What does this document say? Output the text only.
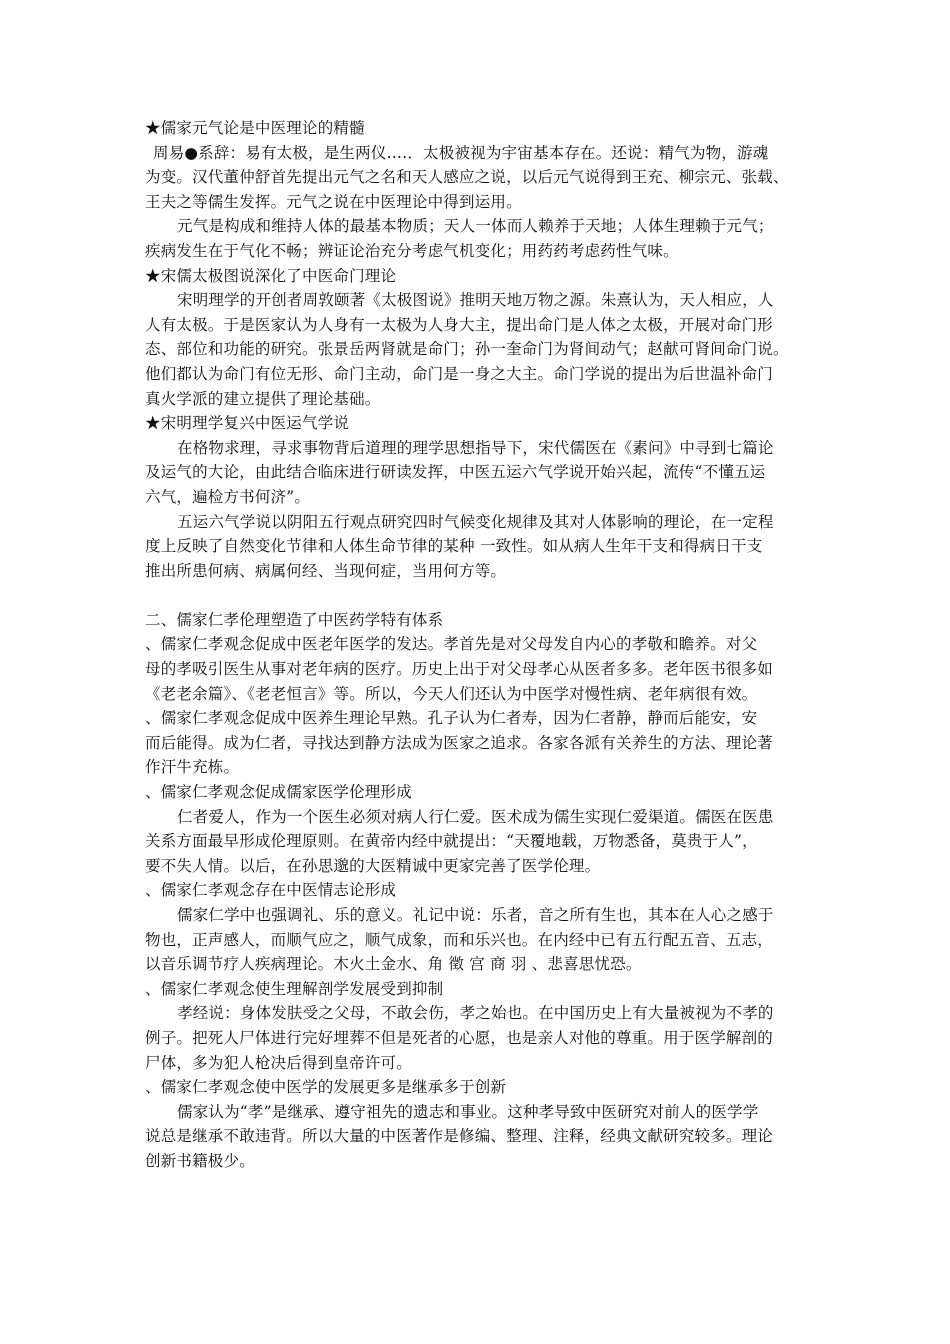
★儒家元气论是中医理论的精髓
周易●系辞：易有太极，是生两仪….．太极被视为宇宙基本存在。还说：精气为物，游魂
为变。汉代董仲舒首先提出元气之名和天人感应之说，以后元气说得到王充、柳宗元、张载、
王夫之等儒生发挥。元气之说在中医理论中得到运用。
元气是构成和维持人体的最基本物质；天人一体而人赖养于天地；人体生理赖于元气；
疾病发生在于气化不畅；辨证论治充分考虑气机变化；用药药考虑药性气味。
★宋儒太极图说深化了中医命门理论
宋明理学的开创者周敦颐著《太极图说》推明天地万物之源。朱熹认为，天人相应，人
人有太极。于是医家认为人身有一太极为人身大主，提出命门是人体之太极，开展对命门形
态、部位和功能的研究。张景岳两肾就是命门；孙一奎命门为肾间动气；赵献可肾间命门说。
他们都认为命门有位无形、命门主动，命门是一身之大主。命门学说的提出为后世温补命门
真火学派的建立提供了理论基础。
★宋明理学复兴中医运气学说
在格物求理，寻求事物背后道理的理学思想指导下，宋代儒医在《素问》中寻到七篇论
及运气的大论，由此结合临床进行研读发挥，中医五运六气学说开始兴起，流传“不懂五运
六气，遍检方书何济”。
五运六气学说以阴阳五行观点研究四时气候变化规律及其对人体影响的理论，在一定程
度上反映了自然变化节律和人体生命节律的某种 一致性。如从病人生年干支和得病日干支
推出所患何病、病属何经、当现何症，当用何方等。
二、儒家仁孝伦理塑造了中医药学特有体系
、儒家仁孝观念促成中医老年医学的发达。孝首先是对父母发自内心的孝敬和瞻养。对父
母的孝吸引医生从事对老年病的医疗。历史上出于对父母孝心从医者多多。老年医书很多如
《老老余篇》、《老老恒言》等。所以，今天人们还认为中医学对慢性病、老年病很有效。
、儒家仁孝观念促成中医养生理论早熟。孔子认为仁者寿，因为仁者静，静而后能安，安
而后能得。成为仁者，寻找达到静方法成为医家之追求。各家各派有关养生的方法、理论著
作汗牛充栋。
、儒家仁孝观念促成儒家医学伦理形成
仁者爱人，作为一个医生必须对病人行仁爱。医术成为儒生实现仁爱渠道。儒医在医患
关系方面最早形成伦理原则。在黄帝内经中就提出：“天覆地载，万物悉备，莫贵于人”，
要不失人情。以后，在孙思邈的大医精诚中更家完善了医学伦理。
、儒家仁孝观念存在中医情志论形成
儒家仁学中也强调礼、乐的意义。礼记中说：乐者，音之所有生也，其本在人心之感于
物也，正声感人，而顺气应之，顺气成象，而和乐兴也。在内经中已有五行配五音、五志，
以音乐调节疗人疾病理论。木火土金水、角 徵 宫 商 羽 、悲喜思忧恐。
、儒家仁孝观念使生理解剖学发展受到抑制
孝经说：身体发肤受之父母，不敢会伤，孝之始也。在中国历史上有大量被视为不孝的
例子。把死人尸体进行完好埋葬不但是死者的心愿，也是亲人对他的尊重。用于医学解剖的
尸体，多为犯人枪决后得到皇帝许可。
、儒家仁孝观念使中医学的发展更多是继承多于创新
儒家认为“孝”是继承、遵守祖先的遗志和事业。这种孝导致中医研究对前人的医学学
说总是继承不敢违背。所以大量的中医著作是修编、整理、注释，经典文献研究较多。理论
创新书籍极少。
